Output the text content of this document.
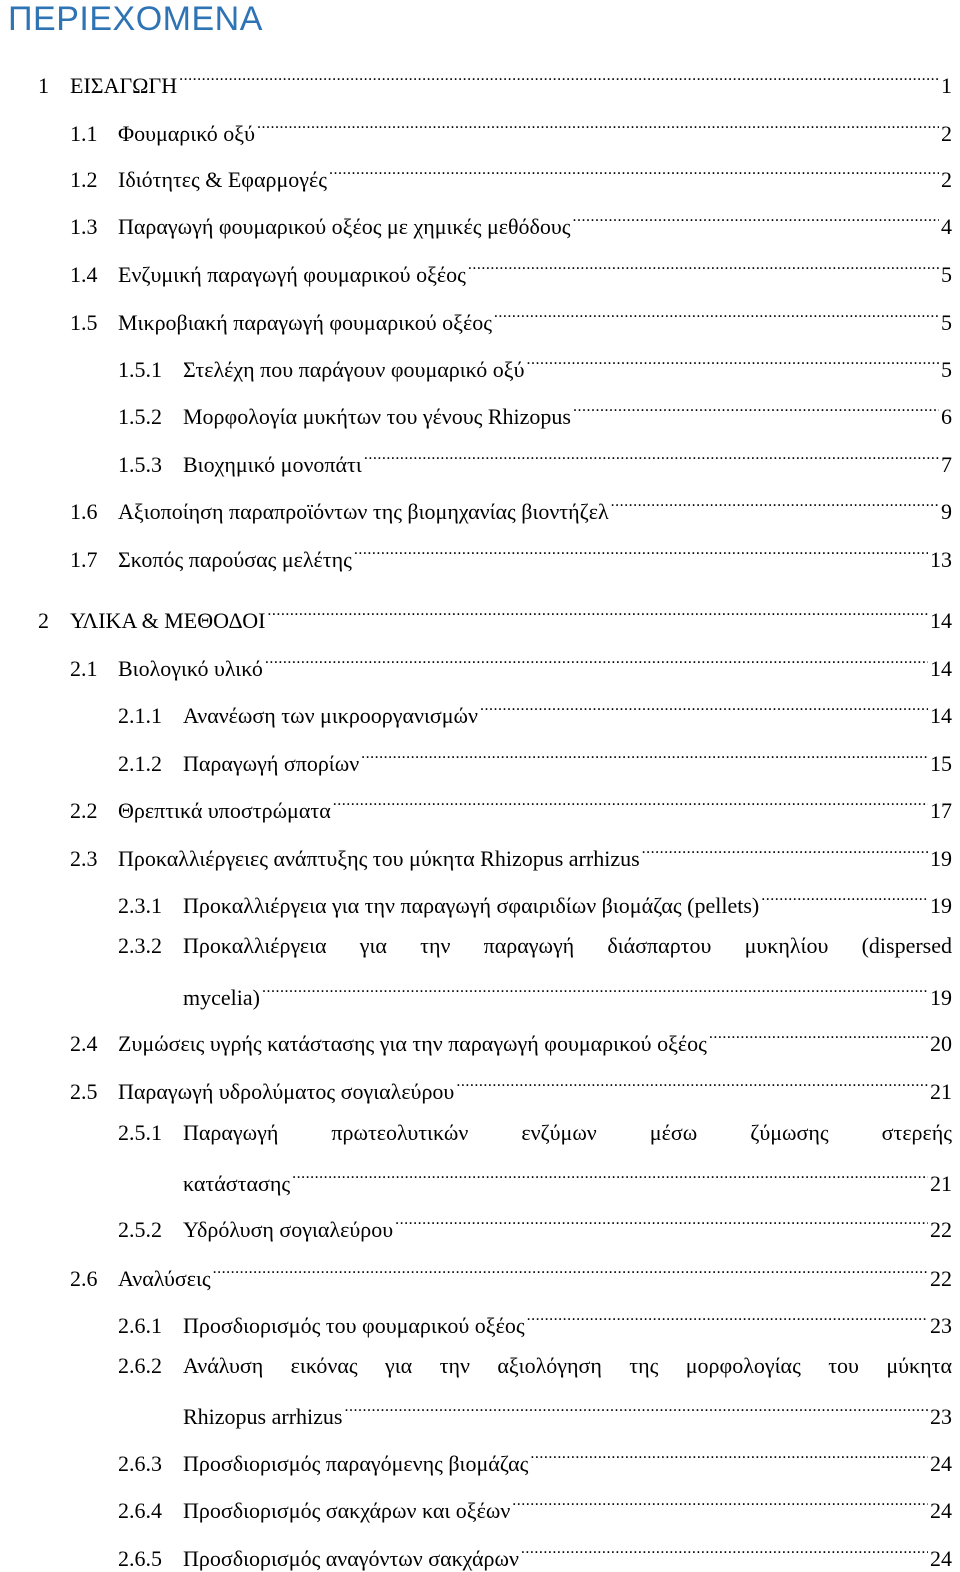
ΠΕΡΙΕΧΟΜΕΝΑ
1 ΕΙΣΑΓΩΓΗ .....	1
1.1 Φουμαρικό οξύ .....	2
1.2 Ιδιότητες & Εφαρμογές .....	2
1.3 Παραγωγή φουμαρικού οξέος με χημικές μεθόδους .....	4
1.4 Ενζυμική παραγωγή φουμαρικού οξέος .....	5
1.5 Μικροβιακή παραγωγή φουμαρικού οξέος .....	5
1.5.1 Στελέχη που παράγουν φουμαρικό οξύ .....	5
1.5.2 Μορφολογία μυκήτων του γένους Rhizopus .....	6
1.5.3 Βιοχημικό μονοπάτι .....	7
1.6 Αξιοποίηση παραπροϊόντων της βιομηχανίας βιοντήζελ .....	9
1.7 Σκοπός παρούσας μελέτης .....	13
2 ΥΛΙΚΑ & ΜΕΘΟΔΟΙ .....	14
2.1 Βιολογικό υλικό .....	14
2.1.1 Ανανέωση των μικροοργανισμών .....	14
2.1.2 Παραγωγή σπορίων .....	15
2.2 Θρεπτικά υποστρώματα .....	17
2.3 Προκαλλιέργειες ανάπτυξης του μύκητα Rhizopus arrhizus .....	19
2.3.1 Προκαλλιέργεια για την παραγωγή σφαιριδίων βιομάζας (pellets) .....	19
2.3.2 Προκαλλιέργεια για την παραγωγή διάσπαρτου μυκηλίου (dispersed
mycelia) .....	19
2.4 Ζυμώσεις υγρής κατάστασης για την παραγωγή φουμαρικού οξέος .....	20
2.5 Παραγωγή υδρολύματος σογιαλεύρου .....	21
2.5.1 Παραγωγή πρωτεολυτικών ενζύμων μέσω ζύμωσης στερεής
κατάστασης .....	21
2.5.2 Υδρόλυση σογιαλεύρου .....	22
2.6 Αναλύσεις .....	22
2.6.1 Προσδιορισμός του φουμαρικού οξέος .....	23
2.6.2 Ανάλυση εικόνας για την αξιολόγηση της μορφολογίας του μύκητα
Rhizopus arrhizus .....	23
2.6.3 Προσδιορισμός παραγόμενης βιομάζας .....	24
2.6.4 Προσδιορισμός σακχάρων και οξέων .....	24
2.6.5 Προσδιορισμός αναγόντων σακχάρων .....	24
